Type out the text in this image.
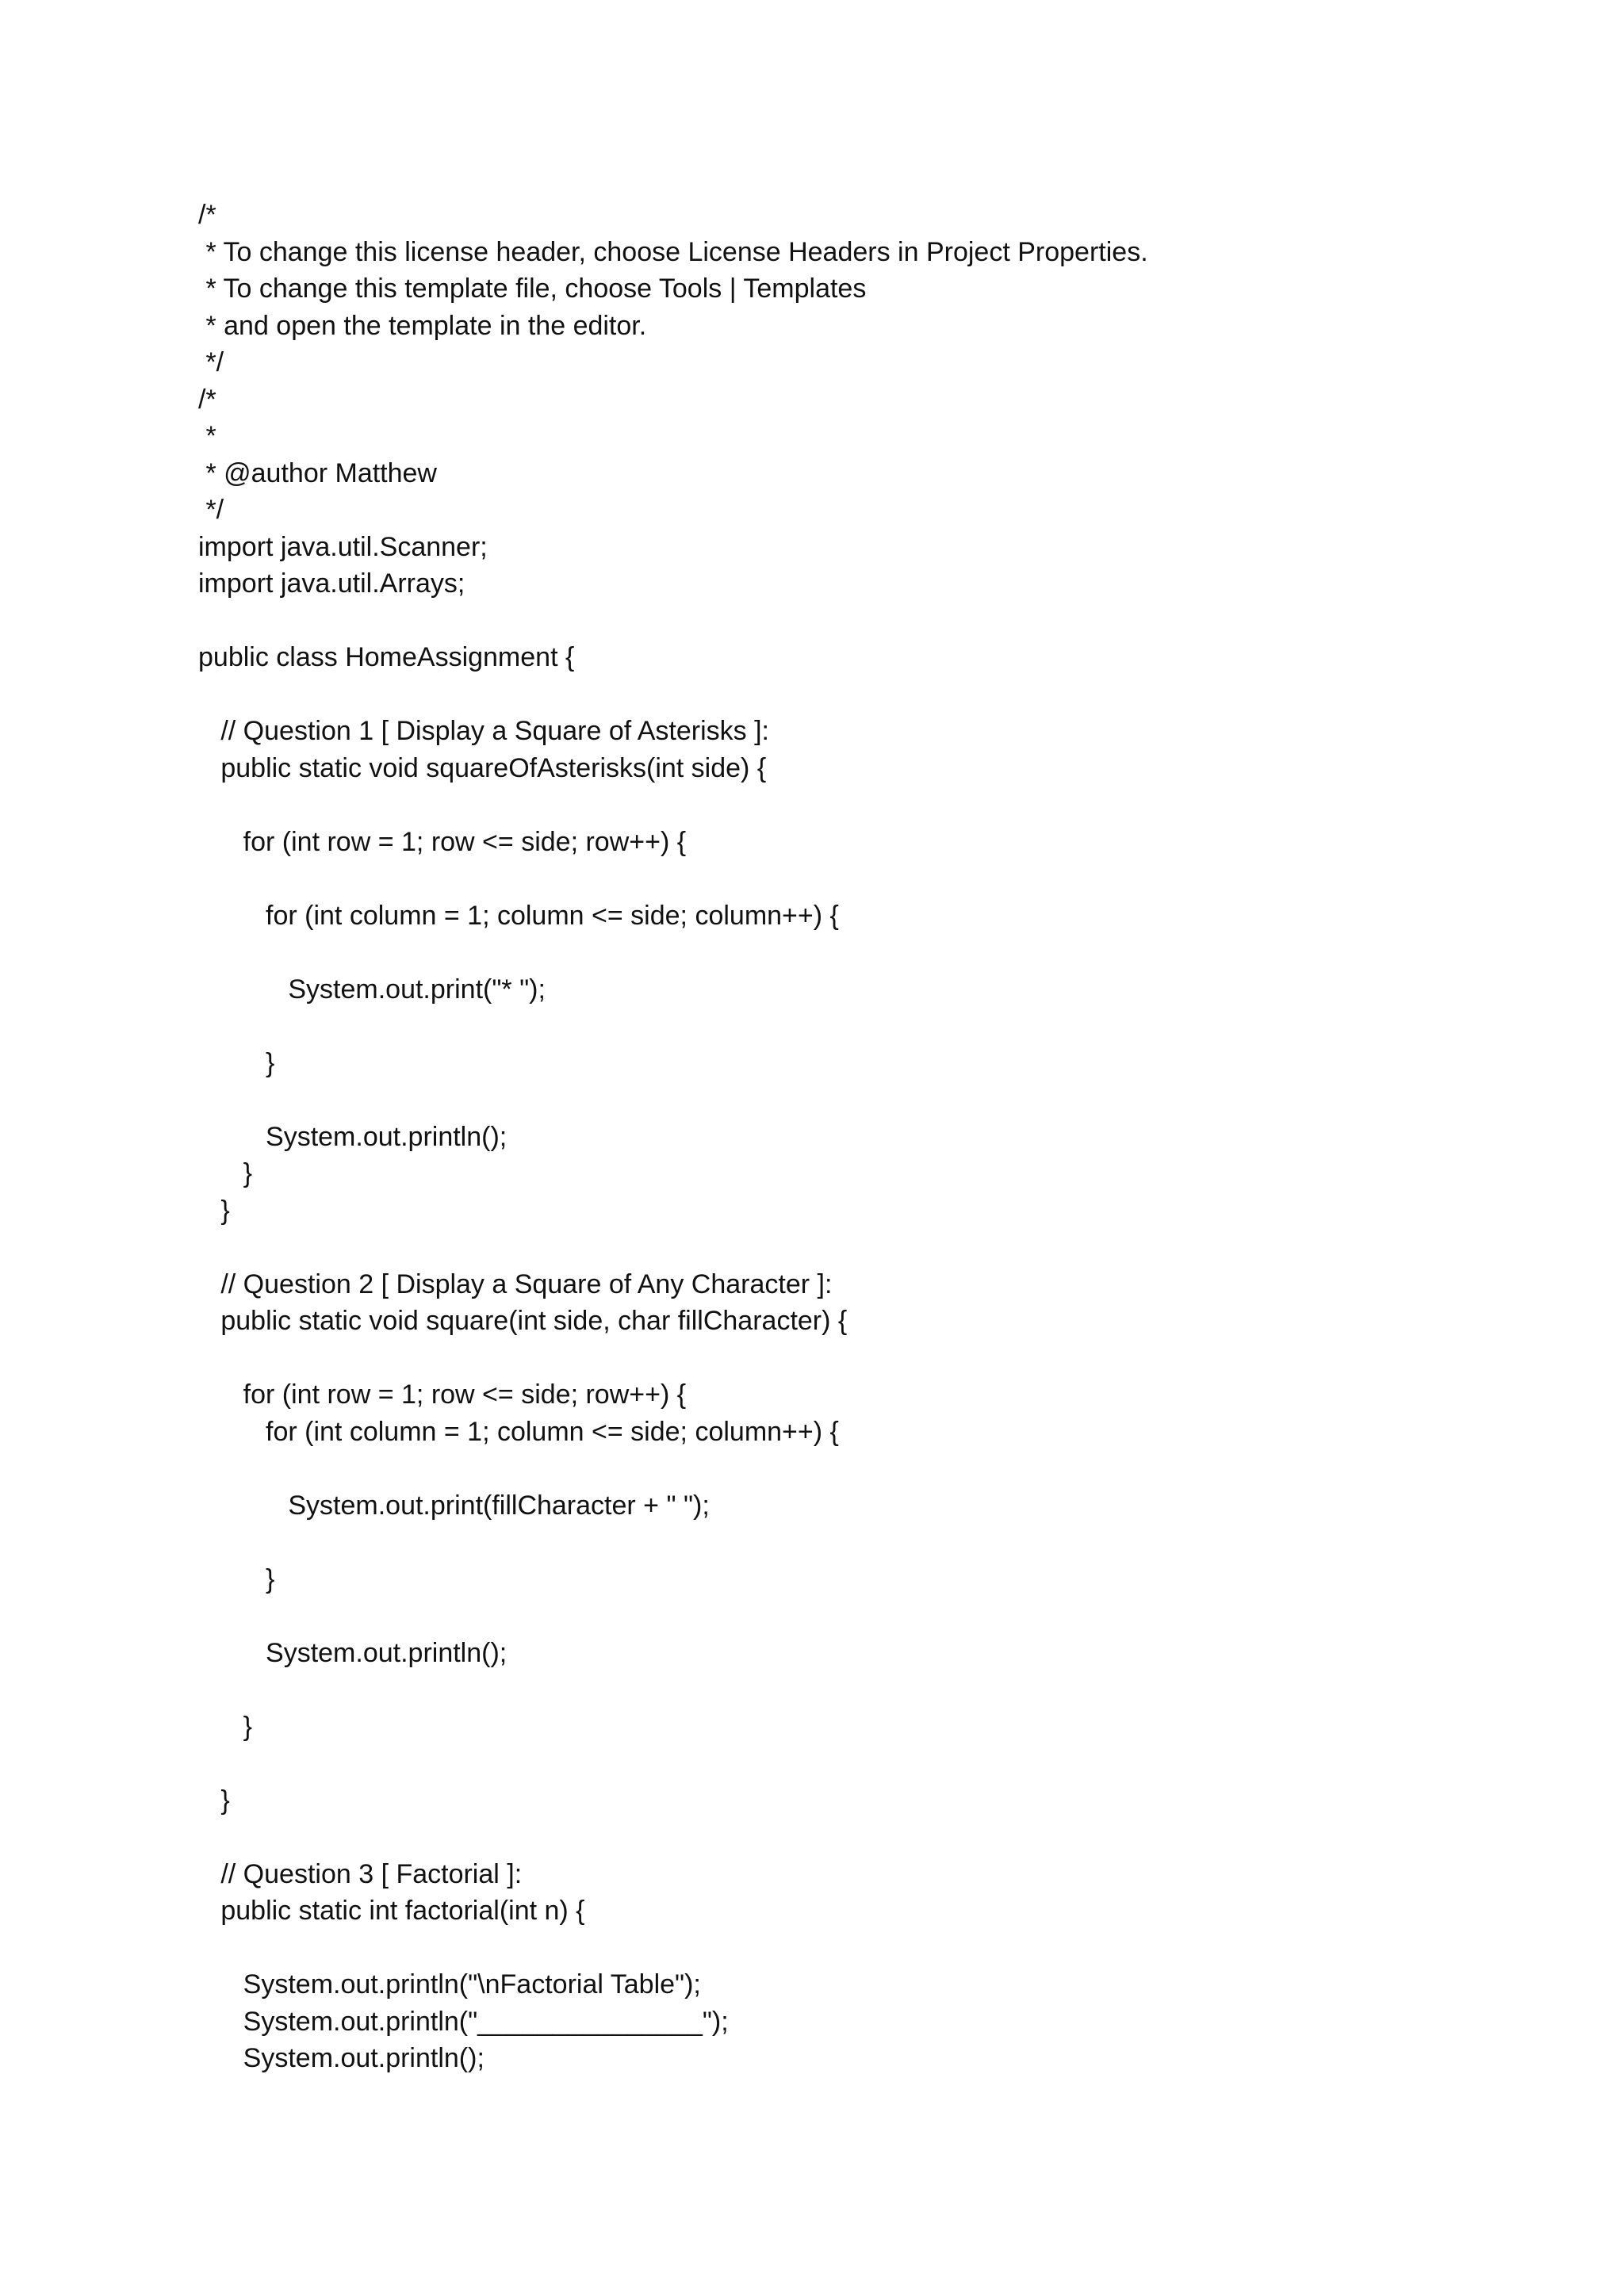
/*
* To change this license header, choose License Headers in Project Properties.
* To change this template file, choose Tools | Templates
* and open the template in the editor.
*/
/*
*
* @author Matthew
*/
import java.util.Scanner;
import java.util.Arrays;
public class HomeAssignment {
// Question 1 [ Display a Square of Asterisks ]:
public static void squareOfAsterisks(int side) {
for (int row = 1; row <= side; row++) {
for (int column = 1; column <= side; column++) {
System.out.print("* ");
}
System.out.println();
}
}
// Question 2 [ Display a Square of Any Character ]:
public static void square(int side, char fillCharacter) {
for (int row = 1; row <= side; row++) {
for (int column = 1; column <= side; column++) {
System.out.print(fillCharacter + " ");
}
System.out.println();
}
}
// Question 3 [ Factorial ]:
public static int factorial(int n) {
System.out.println("\nFactorial Table");
System.out.println("_______________");
System.out.println();
